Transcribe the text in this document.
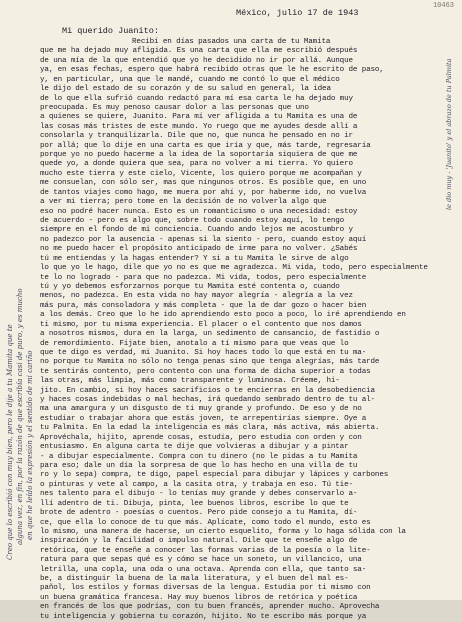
10463
México, julio 17 de 1943
Mi querido Juanito:
Recibí en días pasados una carta de tu Mamita
que me ha dejado muy afligida. Es una carta que ella me escribió después
de una mía de la que entendió que yo he decidido no ir por allá. Aunque
ya, en esas fechas, espero que habrá recibido otras que le he escrito de paso,
y, en particular, una que le mandé, cuando me contó lo que el médico
le dijo del estado de su corazón y de su salud en general, la idea
de lo que ella sufrió cuando redactó para mí esa carta le ha dejado muy
preocupada. Es muy penoso causar dolor a las personas que uno
a quienes se quiere, Juanito. Para mí ver afligida a tu Mamita es una de
las cosas más tristes de este mundo. Yo ruego que me ayudes desde allí a
consolarla y tranquilizarla. Dile que no, que nunca he pensado en no ir
por allá; que lo dije en una carta es que iría y que, más tarde, regresaría
porque yo no puedo hacerme a la idea de la soportaría siquiera de que me
quede yo, a donde quiera que sea, para no volver a mi tierra. Yo quiero
mucho este tierra y este cielo, Vicente, los quiero porque me acompañan y
me consuelan, con sólo ser, mas que ningunos otros. Es posible que, en uno
de tantos viajes como hago, me muera por ahí y, por haberme ido, no vuelva
a ver mi tierra; pero tome en la decisión de no volverla algo que
eso no podré hacer nunca. Esto es un romanticismo o una necesidad: estoy
de acuerdo - pero es algo que, sobre todo cuando estoy aquí, lo tengo
siempre en el fondo de mi conciencia. Cuando ando lejos me acostumbro y
no padezco por la ausencia - apenas si la siento - pero, cuando estoy aquí
no me puedo hacer el propósito anticipado de irme para no volver. ¿Sabés
tú me entiendas y la hagas entender? Y si a tu Mamita le sirve de algo
lo que yo le hago, dile que yo no es que me agradezca. Mi vida, todo, pero especialmente
te lo no logrado - para que no padezca. Mi vida, todos, pero especialmente
tú y yo debemos esforzarnos porque tu Mamita esté contenta o, cuando
menos, no padezca. En esta vida no hay mayor alegría - alegría a la vez
más pura, más consoladora y más completa - que la de dar gozo o hacer bien
a los demás. Creo que lo he ido aprendiendo esto poco a poco, lo iré aprendiendo en
ti mismo, por tu misma experiencia. El placer o el contento que nos damos
a nosotros mismos, dura en la larga, un sedimento de cansancio, de fastidio o
de remordimiento. Fíjate bien, anotalo a tí mismo para que veas que lo
que te digo es verdad, mi Juanito. Si hoy haces todo lo que está en tu ma-
no porque tu Mamita no sólo no tenga penas sino que tenga alegrías, más tarde
te sentirás contento, pero contento con una forma de dicha superior a todas
las otras, más limpia, más como transparente y luminosa. Créeme, hi-
jito. En cambio, si hoy haces sacrificios o te encierras en la desobediencia
y haces cosas indebidas o mal hechas, irá quedando sembrado dentro de tu al-
ma una amargura y un disgusto de ti muy grande y profundo. De eso y de no
estudiar o trabajar ahora que estás joven, te arrepentirías siempre. Oye a
tu Palmita. En la edad la inteligencia es más clara, más activa, más abierta.
Aprovéchala, hijito, aprende cosas, estudia, pero estudia con orden y con
entusiasmo. En alguna carta te dije que volvieras a dibujar y a pintar
- a dibujar especialmente. Compra con tu dinero (no le pidas a tu Mamita
para eso; dale un día la sorpresa de que lo has hecho en una villa de tu
ro y lo sepa) compra, te digo, papel especial para dibujar y lápices y carbones
o pinturas y vete al campo, a la casita otra, y trabaja en eso. Tú tie-
nes talento para el dibujo - lo tenías muy grande y debes conservarlo a-
llí adentro de ti. Dibuja, pinta, lee buenos libros, escribe lo que te
brote de adentro - poesías o cuentos. Pero pide consejo a tu Mamita, dí-
ce, que ella lo conoce de tu que más. Aplícate, como todo el mundo, esto es
lo mismo, una manera de hacerse, un cierto esquelito, forma y lo haga sólida con la
inspiración y la facilidad o impulso natural. Dile que te enseñe algo de
retórica, que te enseñe a conocer las formas varias de la poesía o la lite-
ratura para que sepas qué es y cómo se hace un soneto, un villancico, una
letrilla, una copla, una oda o una octava. Aprenda con ella, que tanto sa-
be, a distinguir la buena de la mala literatura, y el buen del mal es-
pañol, los estilos y formas diversas de la lengua. Estudia por ti mismo con
un buena gramática francesa. Hay muy buenos libros de retórica y poética
en francés de los que podrías, con tu buen francés, aprender mucho. Aprovecha
tu inteligencia y gobierna tu corazón, hijito. No te escribo más porque ya
Creo que lo escribió con muy bien, pero le dije a tu Mamita que te alguna vez, en fin, por la razón de que escribía casi de puro, y es mucho en que he leído la expresión y el sentido de mi cariño
le dio muy - 'Juanito' y el abrazo de tu Palmita
